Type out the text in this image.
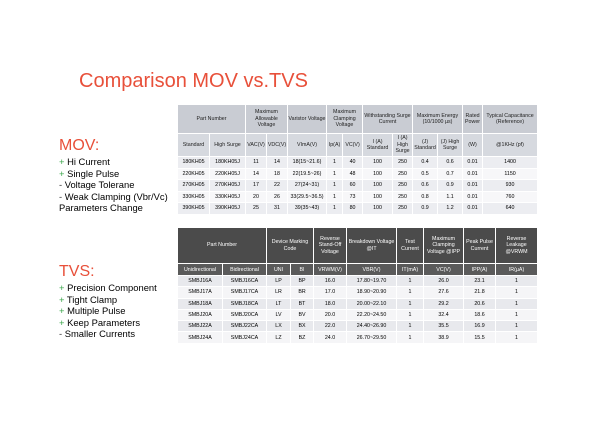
Comparison MOV vs.TVS
MOV:
+ Hi Current
+ Single Pulse
- Voltage Tolerane
- Weak Clamping (Vbr/Vc)
Parameters Change
TVS:
+ Precision Component
+ Tight Clamp
+ Multiple Pulse
+ Keep Parameters
- Smaller Currents
Part Number		Maximum Allowable Voltage		Varistor Voltage	Maximum Clamping Voltage		Withstanding Surge Current		Maximum Energy (10/1000 µs)		Rated Power	Typical Capacitance (Reference)
Standard	High Surge	VAC(V)	VDC(V)	VImA(V)	Ip(A)	VC(V)	I (A) Standard	I (A) High Surge	(J) Standard	(J) High Surge	(W)	@1KHz (pf)
180KH05	180KH05J	11	14	18(15~21.6)	1	40	100	250	0.4	0.6	0.01	1400
220KH05	220KH05J	14	18	22(19.5~26)	1	48	100	250	0.5	0.7	0.01	1150
270KH05	270KH05J	17	22	27(24~31)	1	60	100	250	0.6	0.9	0.01	930
330KH05	330KH05J	20	26	33(29.5~36.5)	1	73	100	250	0.8	1.1	0.01	760
390KH05	390KH05J	25	31	39(35~43)	1	80	100	250	0.9	1.2	0.01	640
Part Number		Device Marking Code		Reverse Stand-Off Voltage	Breakdown Voltage @IT	Test Current	Maximum Clamping Voltage @IPP	Peak Pulse Current	Reverse Leakage @VRWM
Unidirectional	Bidirectional	UNI	BI	VRWM(V)	VBR(V)	IT(mA)	VC(V)	IPP(A)	IR(µA)
SMBJ16A	SMBJ16CA	LP	BP	16.0	17.80~19.70	1	26.0	23.1	1
SMBJ17A	SMBJ17CA	LR	BR	17.0	18.90~20.90	1	27.6	21.8	1
SMBJ18A	SMBJ18CA	LT	BT	18.0	20.00~22.10	1	29.2	20.6	1
SMBJ20A	SMBJ20CA	LV	BV	20.0	22.20~24.50	1	32.4	18.6	1
SMBJ22A	SMBJ22CA	LX	BX	22.0	24.40~26.90	1	35.5	16.9	1
SMBJ24A	SMBJ24CA	LZ	BZ	24.0	26.70~29.50	1	38.9	15.5	1
